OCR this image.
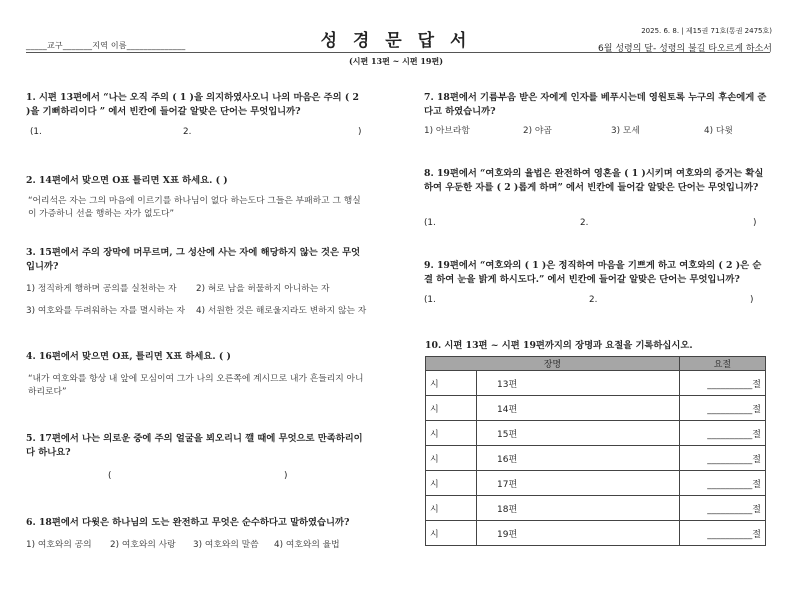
_____교구_______지역 이름______________	성 경 문 답 서	2025. 6. 8. | 제15권 71호(통권 2475호)
6월 성령의 달- 성령의 불길 타오르게 하소서
(시편 13편 ~ 시편 19편)
1. 시편 13편에서 “나는 오직 주의 ( 1 )을 의지하였사오니 나의 마음은 주의 ( 2 )을 기뻐하리이다 ” 에서 빈칸에 들어갈 알맞은 단어는 무엇입니까?
(1.	2.	)
2. 14편에서 맞으면 O표 틀리면 X표 하세요. ( )
“어리석은 자는 그의 마음에 이르기를 하나님이 없다 하는도다 그들은 부패하고 그 행실이 가증하니 선을 행하는 자가 없도다”
3. 15편에서 주의 장막에 머무르며, 그 성산에 사는 자에 해당하지 않는 것은 무엇입니까?
1) 정직하게 행하며 공의를 실천하는 자 2) 혀로 남을 허물하지 아니하는 자
3) 여호와를 두려워하는 자를 멸시하는 자 4) 서원한 것은 해로울지라도 변하지 않는 자
4. 16편에서 맞으면 O표, 틀리면 X표 하세요. ( )
“내가 여호와를 항상 내 앞에 모심이여 그가 나의 오른쪽에 계시므로 내가 흔들리지 아니하리로다”
5. 17편에서 나는 의로운 중에 주의 얼굴을 뵈오리니 깰 때에 무엇으로 만족하리이다 하나요?
(	)
6. 18편에서 다윗은 하나님의 도는 완전하고 무엇은 순수하다고 말하였습니까?
1) 여호와의 공의 2) 여호와의 사랑 3) 여호와의 말씀 4) 여호와의 율법
7. 18편에서 기름부음 받은 자에게 인자를 베푸시는데 영원토록 누구의 후손에게 준다고 하였습니까?
1) 아브라함	2) 야곱	3) 모세	4) 다윗
8. 19편에서 “여호와의 율법은 완전하여 영혼을 ( 1 )시키며 여호와의 증거는 확실하여 우둔한 자를 ( 2 )롭게 하며” 에서 빈칸에 들어갈 알맞은 단어는 무엇입니까?
(1.	2.	)
9. 19편에서 “여호와의 ( 1 )은 정직하여 마음을 기쁘게 하고 여호와의 ( 2 )은 순결 하여 눈을 밝게 하시도다.” 에서 빈칸에 들어갈 알맞은 단어는 무엇입니까?
(1.	2.	)
10. 시편 13편 ~ 시편 19편까지의 장명과 요절을 기록하십시오.
장명		요절
시	13편	__________절
시	14편	__________절
시	15편	__________절
시	16편	__________절
시	17편	__________절
시	18편	__________절
시	19편	__________절
